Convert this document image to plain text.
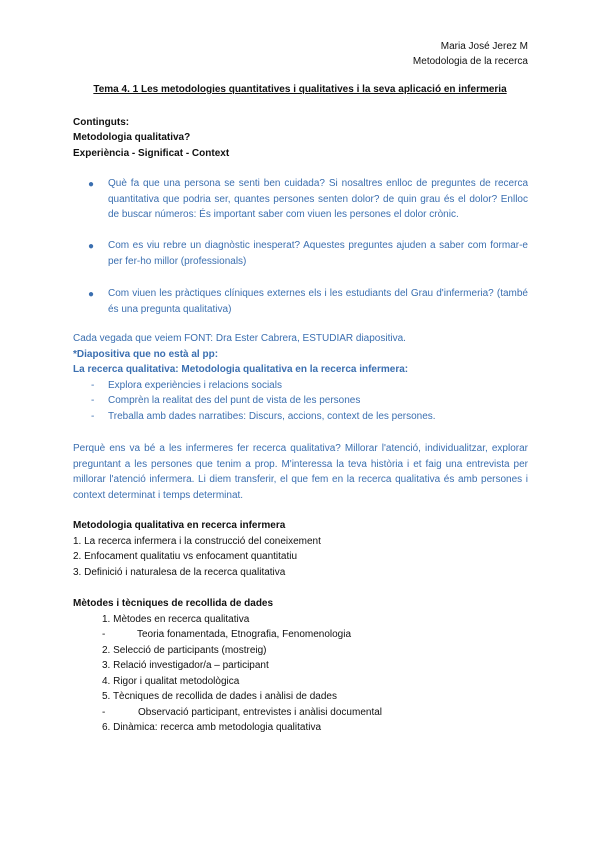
Maria José Jerez M
Metodologia de la recerca
Tema 4. 1 Les metodologies quantitatives i qualitatives i la seva aplicació en infermeria
Continguts:
Metodologia qualitativa?
Experiència - Significat - Context
● Què fa que una persona se senti ben cuidada? Si nosaltres enlloc de preguntes de recerca quantitativa que podria ser, quantes persones senten dolor? de quin grau és el dolor? Enlloc de buscar números: És important saber com viuen les persones el dolor crònic.
● Com es viu rebre un diagnòstic inesperat? Aquestes preguntes ajuden a saber com formar-e per fer-ho millor (professionals)
● Com viuen les pràctiques clíniques externes els i les estudiants del Grau d'infermeria? (també és una pregunta qualitativa)
Cada vegada que veiem FONT: Dra Ester Cabrera, ESTUDIAR diapositiva.
*Diapositiva que no està al pp:
La recerca qualitativa: Metodologia qualitativa en la recerca infermera:
- Explora experiències i relacions socials
- Comprèn la realitat des del punt de vista de les persones
- Treballa amb dades narratibes: Discurs, accions, context de les persones.
Perquè ens va bé a les infermeres fer recerca qualitativa? Millorar l'atenció, individualitzar, explorar preguntant a les persones que tenim a prop. M'interessa la teva història i et faig una entrevista per millorar l'atenció infermera. Li diem transferir, el que fem en la recerca qualitativa és amb persones i context determinat i temps determinat.
Metodologia qualitativa en recerca infermera
1. La recerca infermera i la construcció del coneixement
2. Enfocament qualitatiu vs enfocament quantitatiu
3. Definició i naturalesa de la recerca qualitativa
Mètodes i tècniques de recollida de dades
1. Mètodes en recerca qualitativa
-	Teoria fonamentada, Etnografia, Fenomenologia
2. Selecció de participants (mostreig)
3. Relació investigador/a – participant
4. Rigor i qualitat metodològica
5. Tècniques de recollida de dades i anàlisi de dades
-	Observació participant, entrevistes i anàlisi documental
6. Dinàmica: recerca amb metodologia qualitativa
